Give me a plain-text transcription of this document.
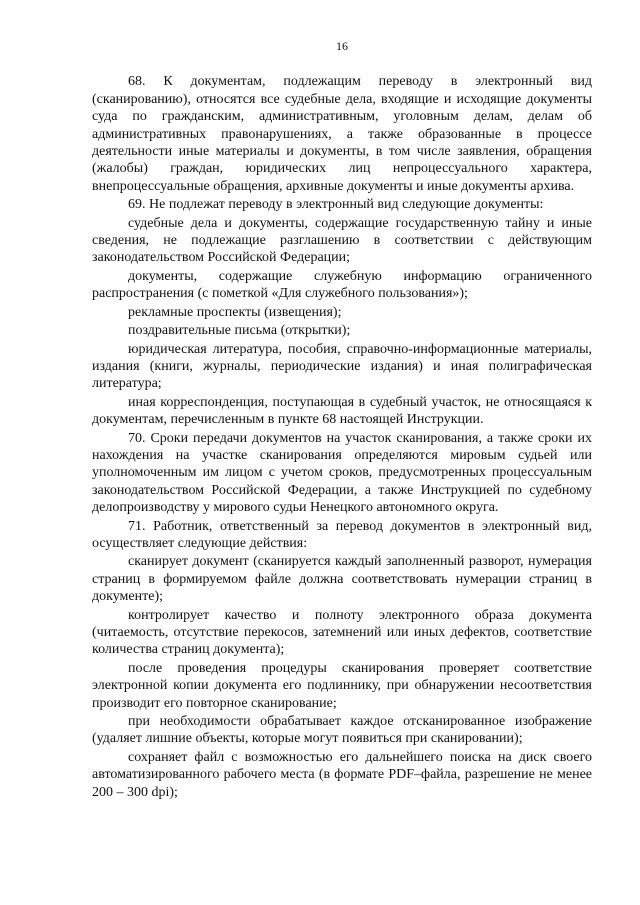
16

68. К документам, подлежащим переводу в электронный вид (сканированию), относятся все судебные дела, входящие и исходящие документы суда по гражданским, административным, уголовным делам, делам об административных правонарушениях, а также образованные в процессе деятельности иные материалы и документы, в том числе заявления, обращения (жалобы) граждан, юридических лиц непроцессуального характера, внепроцессуальные обращения, архивные документы и иные документы архива.

69. Не подлежат переводу в электронный вид следующие документы:

судебные дела и документы, содержащие государственную тайну и иные сведения, не подлежащие разглашению в соответствии с действующим законодательством Российской Федерации;

документы, содержащие служебную информацию ограниченного распространения (с пометкой «Для служебного пользования»);

рекламные проспекты (извещения);

поздравительные письма (открытки);

юридическая литература, пособия, справочно-информационные материалы, издания (книги, журналы, периодические издания) и иная полиграфическая литература;

иная корреспонденция, поступающая в судебный участок, не относящаяся к документам, перечисленным в пункте 68 настоящей Инструкции.

70. Сроки передачи документов на участок сканирования, а также сроки их нахождения на участке сканирования определяются мировым судьей или уполномоченным им лицом с учетом сроков, предусмотренных процессуальным законодательством Российской Федерации, а также Инструкцией по судебному делопроизводству у мирового судьи Ненецкого автономного округа.

71. Работник, ответственный за перевод документов в электронный вид, осуществляет следующие действия:

сканирует документ (сканируется каждый заполненный разворот, нумерация страниц в формируемом файле должна соответствовать нумерации страниц в документе);

контролирует качество и полноту электронного образа документа (читаемость, отсутствие перекосов, затемнений или иных дефектов, соответствие количества страниц документа);

после проведения процедуры сканирования проверяет соответствие электронной копии документа его подлиннику, при обнаружении несоответствия производит его повторное сканирование;

при необходимости обрабатывает каждое отсканированное изображение (удаляет лишние объекты, которые могут появиться при сканировании);

сохраняет файл с возможностью его дальнейшего поиска на диск своего автоматизированного рабочего места (в формате PDF–файла, разрешение не менее 200 – 300 dpi);
